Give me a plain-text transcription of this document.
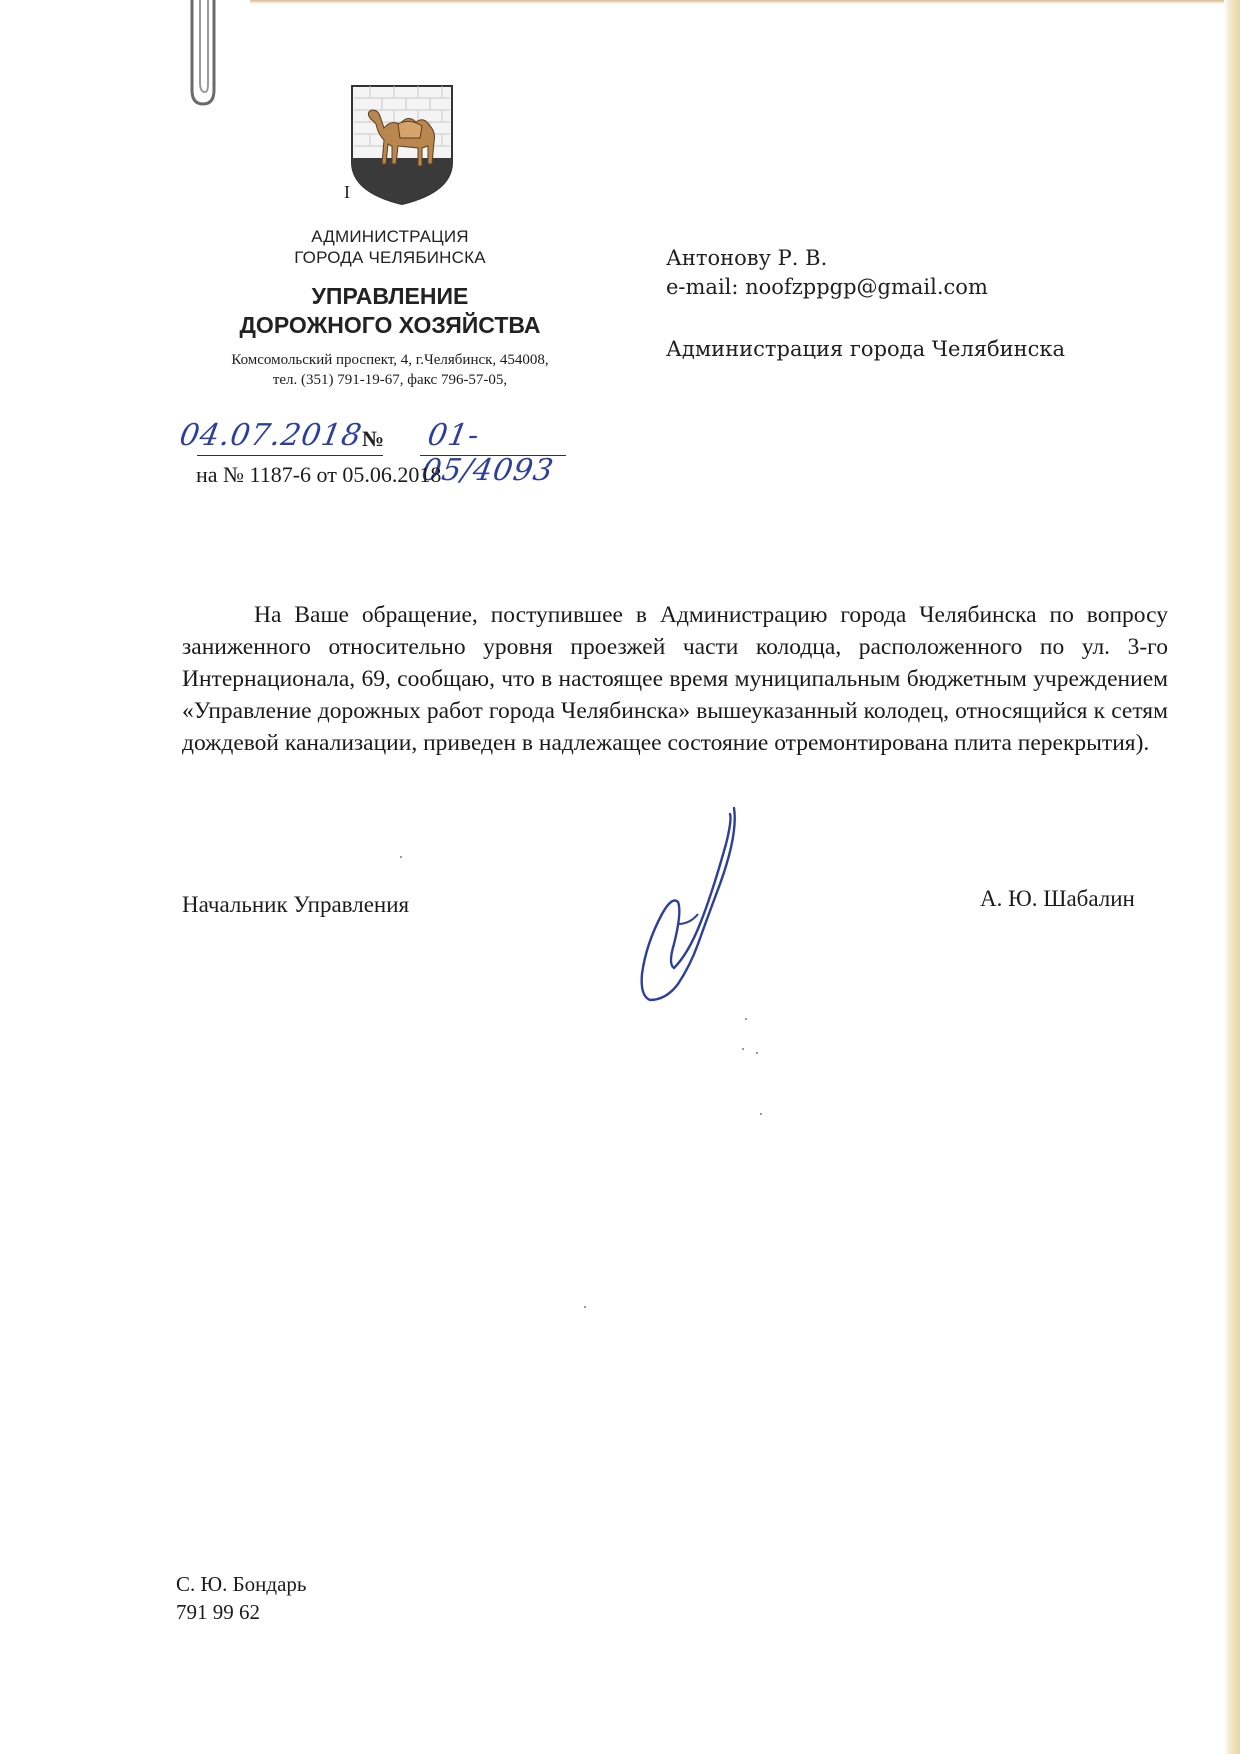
I
АДМИНИСТРАЦИЯ
ГОРОДА ЧЕЛЯБИНСКА
УПРАВЛЕНИЕ
ДОРОЖНОГО ХОЗЯЙСТВА
Комсомольский проспект, 4, г.Челябинск, 454008,
тел. (351) 791-19-67, факс 796-57-05,
04.07.2018
№ 01-05/4093
на № 1187-6 от 05.06.2018
Антонову Р. В.
e-mail: noofzppgp@gmail.com
Администрация города Челябинска
На Ваше обращение, поступившее в Администрацию города Челябинска по вопросу заниженного относительно уровня проезжей части колодца, расположенного по ул. 3-го Интернационала, 69, сообщаю, что в настоящее время муниципальным бюджетным учреждением «Управление дорожных работ города Челябинска» вышеуказанный колодец, относящийся к сетям дождевой канализации, приведен в надлежащее состояние отремонтирована плита перекрытия).
Начальник Управления	А. Ю. Шабалин
С. Ю. Бондарь
791 99 62
